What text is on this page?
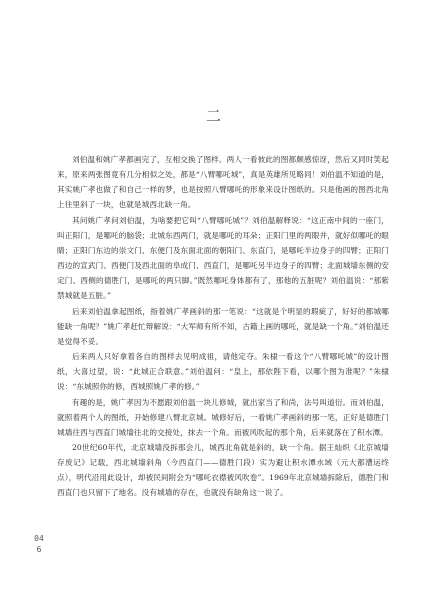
二

刘伯温和姚广孝都画完了，互相交换了图样。两人一看彼此的图都颇感惊讶，然后又同时笑起来，原来两张图竟有几分相似之处，都是“八臂哪吒城”，真是英雄所见略同！刘伯温不知道的是，其实姚广孝也做了和自己一样的梦，也是按照八臂哪吒的形象来设计图纸的。只是他画的图西北角上往里斜了一块，也就是城西北缺一角。

其问姚广孝问刘伯温，为啥要把它叫“八臂哪吒城”？刘伯温解释说：“这正南中间的一座门，叫正阳门，是哪吒的脑袋；北城东西两门，就是哪吒的耳朵；正阳门里的两眼井，就好似哪吒的眼睛；正阳门东边的崇文门、东便门及东面北面的朝阳门、东直门，是哪吒半边身子的四臂；正阳门西边的宣武门、西便门及西北面的阜成门、西直门，是哪吒另半边身子的四臂；北面城墙东侧的安定门、西侧的德胜门，是哪吒的两只脚。”既然哪吒身体都有了，那他的五脏呢？刘伯温说：“那紫禁城就是五脏。”

后来刘伯温拿起图纸，指着姚广孝画斜的那一笔说：“这就是个明显的瑕疵了，好好的都城哪能缺一角呢？”姚广孝赶忙辩解说：“大军师有所不知，古籍上画的哪吒，就是缺一个角。”刘伯温还是觉得不妥。

后来两人只好拿着各自的图样去见明成祖，请他定夺。朱棣一看这个“八臂哪吒城”的设计图纸，大喜过望，说：“此城正合联意。”刘伯温问：“皇上，那依陛下看，以哪个图为准呢？”朱棣说：“东城照你的修，西城照姚广孝的修。”

有趣的是，姚广孝因为不愿跟刘伯温一块儿修城，就出家当了和尚，法号叫道衍。而刘伯温，就照着两个人的图纸，开始修建八臂北京城。城修好后，一看姚广孝画斜的那一笔，正好是德胜门城墙往西与西直门城墙往北的交接处，抹去一个角。而被风吹起的那个角，后来就落在了积水潭。

20世纪60年代，北京城墙没拆那会儿，城西北角就是斜的，缺一个角。据王灿炽《北京城墙存废记》记载，西北城墙斜角（今西直门——德胜门段）实为避让积水潭水域（元大都漕运终点），明代沿用此设计，却被民间附会为“哪吒衣襟被风吹卷”。1969年北京城墙拆除后，德胜门和西直门也只留下了地名。没有城墙的存在，也就没有缺角这一说了。

046
